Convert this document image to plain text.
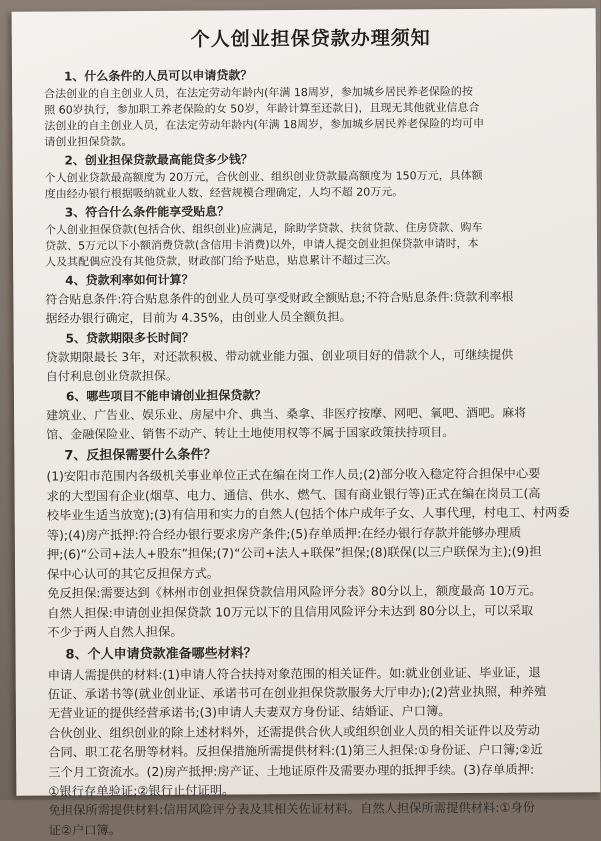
个人创业担保贷款办理须知
1、什么条件的人员可以申请贷款？

合法创业的自主创业人员，在法定劳动年龄内(年满 18周岁，参加城乡居民养老保险的按

照 60岁执行，参加职工养老保险的女 50岁，年龄计算至还款日)，且现无其他就业信息合

法创业的自主创业人员，在法定劳动年龄内(年满 18周岁，参加城乡居民养老保险的均可申

请创业担保贷款。

2、创业担保贷款最高能贷多少钱？

个人创业贷款最高额度为 20万元，合伙创业、组织创业贷款最高额度为 150万元，具体额

度由经办银行根据吸纳就业人数、经营规模合理确定，人均不超 20万元。

3、符合什么条件能享受贴息？

个人创业担保贷款(包括合伙、组织创业)应满足，除助学贷款、扶贫贷款、住房贷款、购车

贷款、5万元以下小额消费贷款(含信用卡消费)以外，申请人提交创业担保贷款申请时，本

人及其配偶应没有其他贷款，财政部门给予贴息，贴息累计不超过三次。

4、贷款利率如何计算？

符合贴息条件:符合贴息条件的创业人员可享受财政全额贴息;不符合贴息条件:贷款利率根

据经办银行确定，目前为 4.35%，由创业人员全额负担。

5、贷款期限多长时间？

贷款期限最长 3年，对还款积极、带动就业能力强、创业项目好的借款个人，可继续提供

自付利息创业贷款担保。

6、哪些项目不能申请创业担保贷款？

建筑业、广告业、娱乐业、房屋中介、典当、桑拿、非医疗按摩、网吧、氧吧、酒吧。麻将

馆、金融保险业、销售不动产、转让土地使用权等不属于国家政策扶持项目。

7、反担保需要什么条件？

(1)安阳市范围内各级机关事业单位正式在编在岗工作人员;(2)部分收入稳定符合担保中心要

求的大型国有企业(烟草、电力、通信、供水、燃气、国有商业银行等)正式在编在岗员工(高

校毕业生适当放宽);(3)有信用和实力的自然人(包括个体户成年子女、人事代理，村电工、村两委

等);(4)房产抵押:符合经办银行要求房产条件;(5)存单质押:在经办银行存款并能够办理质

押;(6)“公司+法人+股东”担保;(7)“公司+法人+联保”担保;(8)联保(以三户联保为主);(9)担

保中心认可的其它反担保方式。

免反担保:需要达到《林州市创业担保贷款信用风险评分表》80分以上，额度最高 10万元。

自然人担保:申请创业担保贷款 10万元以下的且信用风险评分未达到 80分以上，可以采取

不少于两人自然人担保。

8、个人申请贷款准备哪些材料？

申请人需提供的材料:(1)申请人符合扶持对象范围的相关证件。如:就业创业证、毕业证，退

伍证、承诺书等(就业创业证、承诺书可在创业担保贷款服务大厅申办);(2)营业执照，种养殖

无营业证的提供经营承诺书;(3)申请人夫妻双方身份证、结婚证、户口簿。

合伙创业、组织创业的除上述材料外，还需提供合伙人或组织创业人员的相关证件以及劳动

合同、职工花名册等材料。反担保措施所需提供材料:(1)第三人担保:①身份证、户口簿;②近

三个月工资流水。(2)房产抵押:房产证、土地证原件及需要办理的抵押手续。(3)存单质押:

①银行存单验证;②银行止付证明。

免担保所需提供材料:信用风险评分表及其相关佐证材料。自然人担保所需提供材料:①身份

证②户口簿。
